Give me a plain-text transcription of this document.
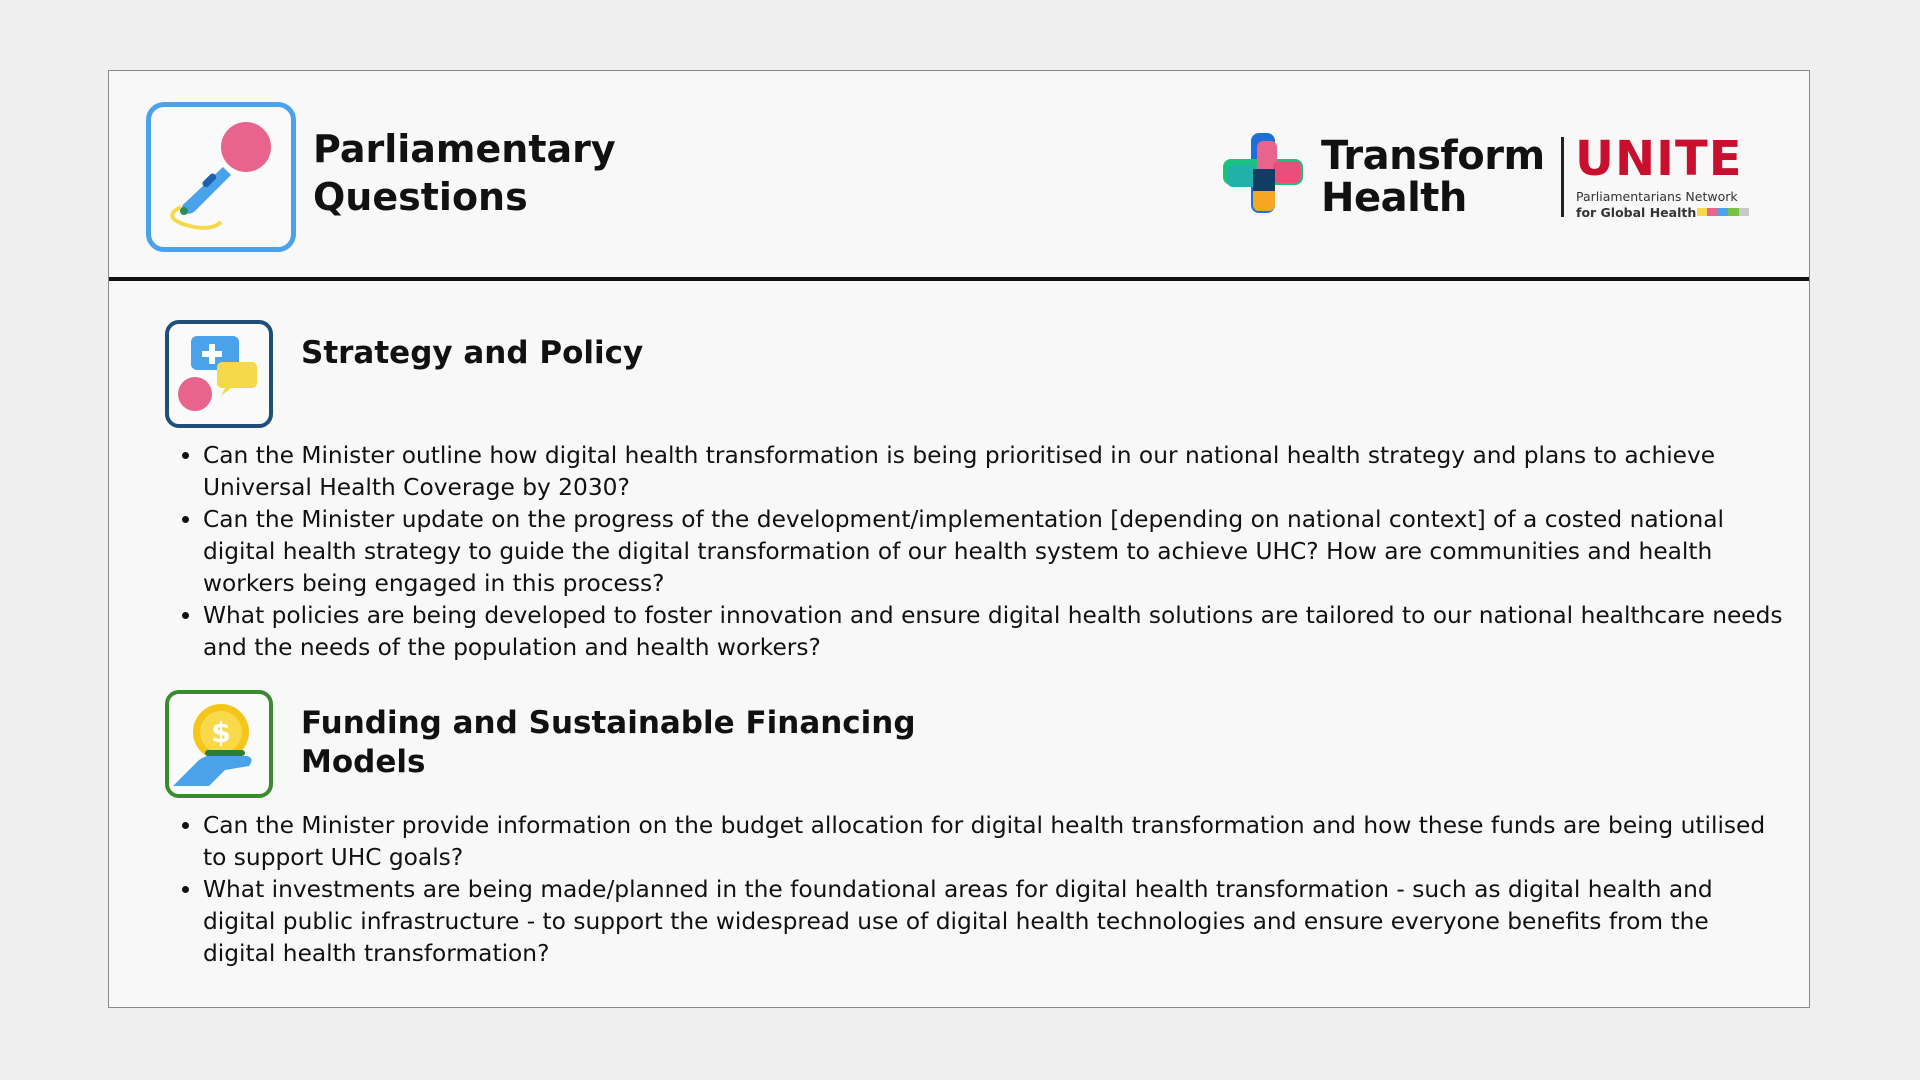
Parliamentary Questions
Transform Health
UNITE
Parliamentarians Network
for Global Health
Strategy and Policy
• Can the Minister outline how digital health transformation is being prioritised in our national health strategy and plans to achieve Universal Health Coverage by 2030?
• Can the Minister update on the progress of the development/implementation [depending on national context] of a costed national digital health strategy to guide the digital transformation of our health system to achieve UHC? How are communities and health workers being engaged in this process?
• What policies are being developed to foster innovation and ensure digital health solutions are tailored to our national healthcare needs and the needs of the population and health workers?
$ Funding and Sustainable Financing Models
• Can the Minister provide information on the budget allocation for digital health transformation and how these funds are being utilised to support UHC goals?
• What investments are being made/planned in the foundational areas for digital health transformation - such as digital health and digital public infrastructure - to support the widespread use of digital health technologies and ensure everyone benefits from the digital health transformation?
